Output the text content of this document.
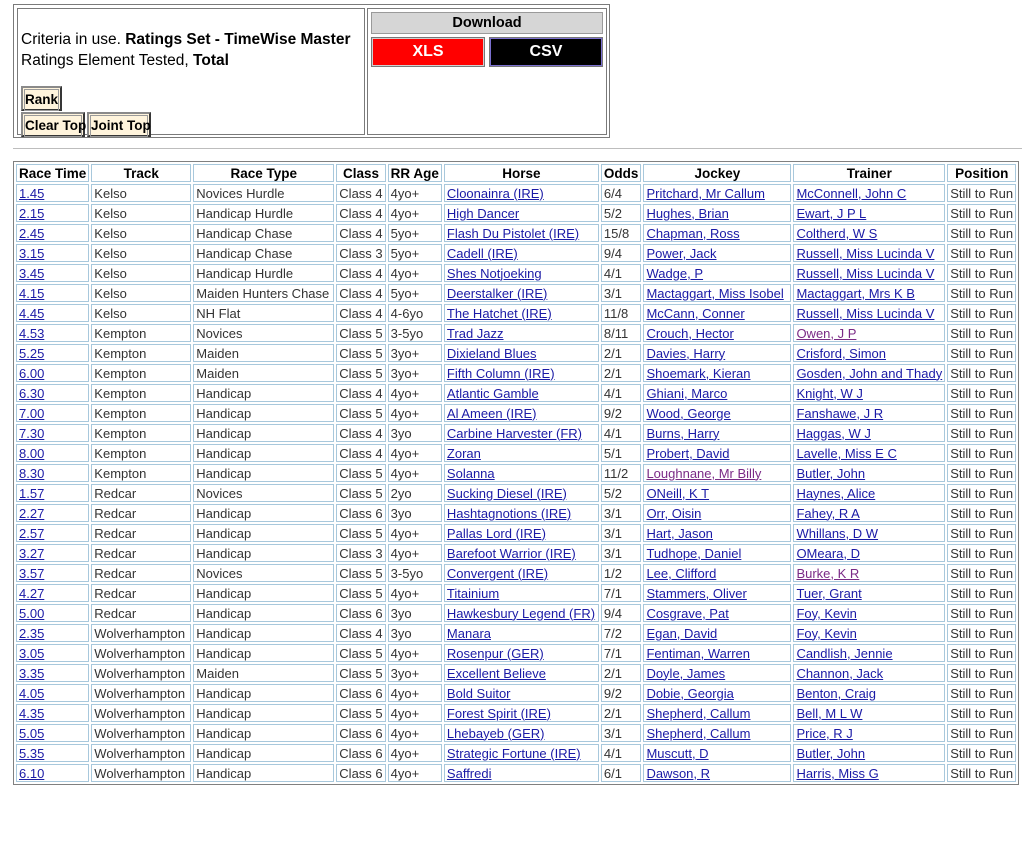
Criteria in use. Ratings Set - TimeWise Master
Ratings Element Tested, Total
Rank
Clear Top Joint Top
Download
XLS	CSV
Race Time	Track	Race Type	Class	RR Age	Horse	Odds	Jockey	Trainer	Position
1.45	Kelso	Novices Hurdle	Class 4	4yo+	Cloonainra (IRE)	6/4	Pritchard, Mr Callum	McConnell, John C	Still to Run
2.15	Kelso	Handicap Hurdle	Class 4	4yo+	High Dancer	5/2	Hughes, Brian	Ewart, J P L	Still to Run
2.45	Kelso	Handicap Chase	Class 4	5yo+	Flash Du Pistolet (IRE)	15/8	Chapman, Ross	Coltherd, W S	Still to Run
3.15	Kelso	Handicap Chase	Class 3	5yo+	Cadell (IRE)	9/4	Power, Jack	Russell, Miss Lucinda V	Still to Run
3.45	Kelso	Handicap Hurdle	Class 4	4yo+	Shes Notjoeking	4/1	Wadge, P	Russell, Miss Lucinda V	Still to Run
4.15	Kelso	Maiden Hunters Chase	Class 4	5yo+	Deerstalker (IRE)	3/1	Mactaggart, Miss Isobel	Mactaggart, Mrs K B	Still to Run
4.45	Kelso	NH Flat	Class 4	4-6yo	The Hatchet (IRE)	11/8	McCann, Conner	Russell, Miss Lucinda V	Still to Run
4.53	Kempton	Novices	Class 5	3-5yo	Trad Jazz	8/11	Crouch, Hector	Owen, J P	Still to Run
5.25	Kempton	Maiden	Class 5	3yo+	Dixieland Blues	2/1	Davies, Harry	Crisford, Simon	Still to Run
6.00	Kempton	Maiden	Class 5	3yo+	Fifth Column (IRE)	2/1	Shoemark, Kieran	Gosden, John and Thady	Still to Run
6.30	Kempton	Handicap	Class 4	4yo+	Atlantic Gamble	4/1	Ghiani, Marco	Knight, W J	Still to Run
7.00	Kempton	Handicap	Class 5	4yo+	Al Ameen (IRE)	9/2	Wood, George	Fanshawe, J R	Still to Run
7.30	Kempton	Handicap	Class 4	3yo	Carbine Harvester (FR)	4/1	Burns, Harry	Haggas, W J	Still to Run
8.00	Kempton	Handicap	Class 4	4yo+	Zoran	5/1	Probert, David	Lavelle, Miss E C	Still to Run
8.30	Kempton	Handicap	Class 5	4yo+	Solanna	11/2	Loughnane, Mr Billy	Butler, John	Still to Run
1.57	Redcar	Novices	Class 5	2yo	Sucking Diesel (IRE)	5/2	ONeill, K T	Haynes, Alice	Still to Run
2.27	Redcar	Handicap	Class 6	3yo	Hashtagnotions (IRE)	3/1	Orr, Oisin	Fahey, R A	Still to Run
2.57	Redcar	Handicap	Class 5	4yo+	Pallas Lord (IRE)	3/1	Hart, Jason	Whillans, D W	Still to Run
3.27	Redcar	Handicap	Class 3	4yo+	Barefoot Warrior (IRE)	3/1	Tudhope, Daniel	OMeara, D	Still to Run
3.57	Redcar	Novices	Class 5	3-5yo	Convergent (IRE)	1/2	Lee, Clifford	Burke, K R	Still to Run
4.27	Redcar	Handicap	Class 5	4yo+	Titainium	7/1	Stammers, Oliver	Tuer, Grant	Still to Run
5.00	Redcar	Handicap	Class 6	3yo	Hawkesbury Legend (FR)	9/4	Cosgrave, Pat	Foy, Kevin	Still to Run
2.35	Wolverhampton	Handicap	Class 4	3yo	Manara	7/2	Egan, David	Foy, Kevin	Still to Run
3.05	Wolverhampton	Handicap	Class 5	4yo+	Rosenpur (GER)	7/1	Fentiman, Warren	Candlish, Jennie	Still to Run
3.35	Wolverhampton	Maiden	Class 5	3yo+	Excellent Believe	2/1	Doyle, James	Channon, Jack	Still to Run
4.05	Wolverhampton	Handicap	Class 6	4yo+	Bold Suitor	9/2	Dobie, Georgia	Benton, Craig	Still to Run
4.35	Wolverhampton	Handicap	Class 5	4yo+	Forest Spirit (IRE)	2/1	Shepherd, Callum	Bell, M L W	Still to Run
5.05	Wolverhampton	Handicap	Class 6	4yo+	Lhebayeb (GER)	3/1	Shepherd, Callum	Price, R J	Still to Run
5.35	Wolverhampton	Handicap	Class 6	4yo+	Strategic Fortune (IRE)	4/1	Muscutt, D	Butler, John	Still to Run
6.10	Wolverhampton	Handicap	Class 6	4yo+	Saffredi	6/1	Dawson, R	Harris, Miss G	Still to Run
